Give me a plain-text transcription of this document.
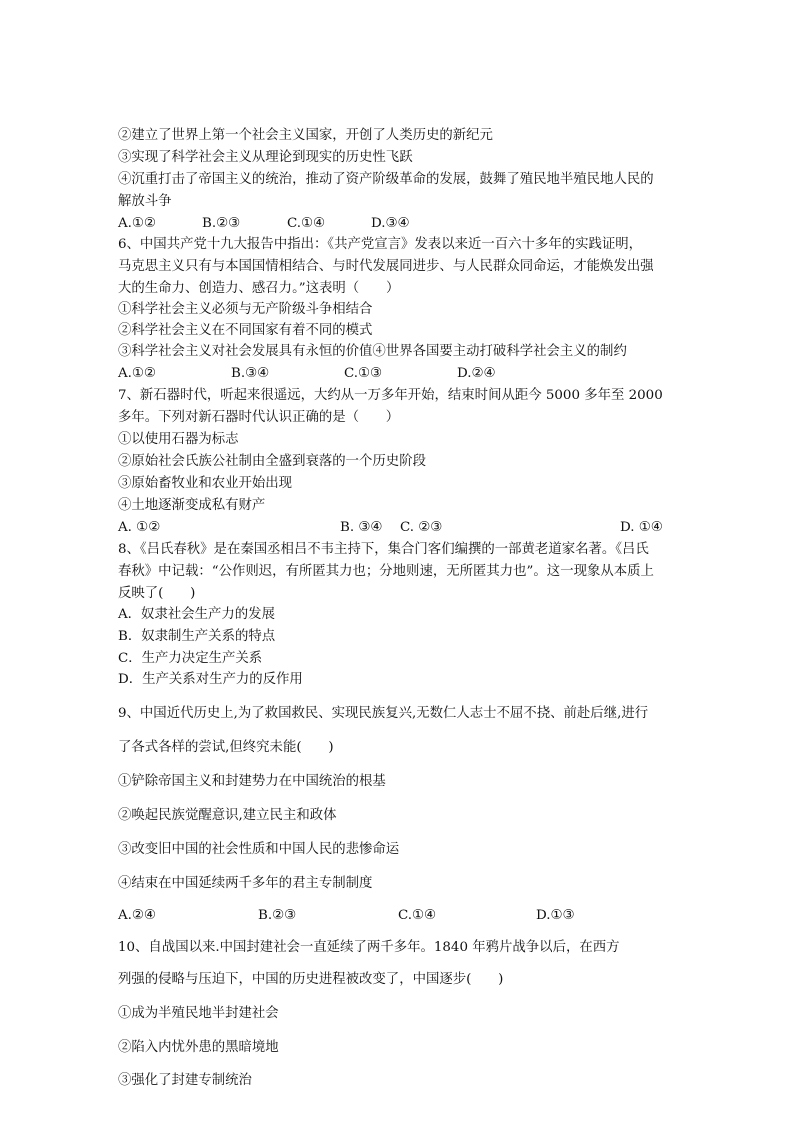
②建立了世界上第一个社会主义国家，开创了人类历史的新纪元
③实现了科学社会主义从理论到现实的历史性飞跃
④沉重打击了帝国主义的统治，推动了资产阶级革命的发展，鼓舞了殖民地半殖民地人民的
解放斗争
A.①②	B.②③	C.①④	D.③④
6、中国共产党十九大报告中指出：《共产党宣言》发表以来近一百六十多年的实践证明，
马克思主义只有与本国国情相结合、与时代发展同进步、与人民群众同命运，才能焕发出强
大的生命力、创造力、感召力。”这表明（　　）
①科学社会主义必须与无产阶级斗争相结合
②科学社会主义在不同国家有着不同的模式
③科学社会主义对社会发展具有永恒的价值④世界各国要主动打破科学社会主义的制约
A.①②	B.③④	C.①③	D.②④
7、新石器时代，听起来很遥远，大约从一万多年开始，结束时间从距今 5000 多年至 2000
多年。下列对新石器时代认识正确的是（　　）
①以使用石器为标志
②原始社会氏族公社制由全盛到衰落的一个历史阶段
③原始畜牧业和农业开始出现
④土地逐渐变成私有财产
A. ①②	B. ③④ C. ②③	D. ①④
8、《吕氏春秋》是在秦国丞相吕不韦主持下，集合门客们编撰的一部黄老道家名著。《吕氏
春秋》中记载：“公作则迟，有所匿其力也；分地则速，无所匿其力也”。这一现象从本质上
反映了(　　)
A．奴隶社会生产力的发展
B．奴隶制生产关系的特点
C．生产力决定生产关系
D．生产关系对生产力的反作用
9、中国近代历史上,为了救国救民、实现民族复兴,无数仁人志士不屈不挠、前赴后继,进行
了各式各样的尝试,但终究未能(　　)
①铲除帝国主义和封建势力在中国统治的根基
②唤起民族觉醒意识,建立民主和政体
③改变旧中国的社会性质和中国人民的悲惨命运
④结束在中国延续两千多年的君主专制制度
A.②④	B.②③	C.①④	D.①③
10、自战国以来.中国封建社会一直延续了两千多年。1840 年鸦片战争以后，在西方
列强的侵略与压迫下，中国的历史进程被改变了，中国逐步(　　)
①成为半殖民地半封建社会
②陷入内忧外患的黑暗境地
③强化了封建专制统治
